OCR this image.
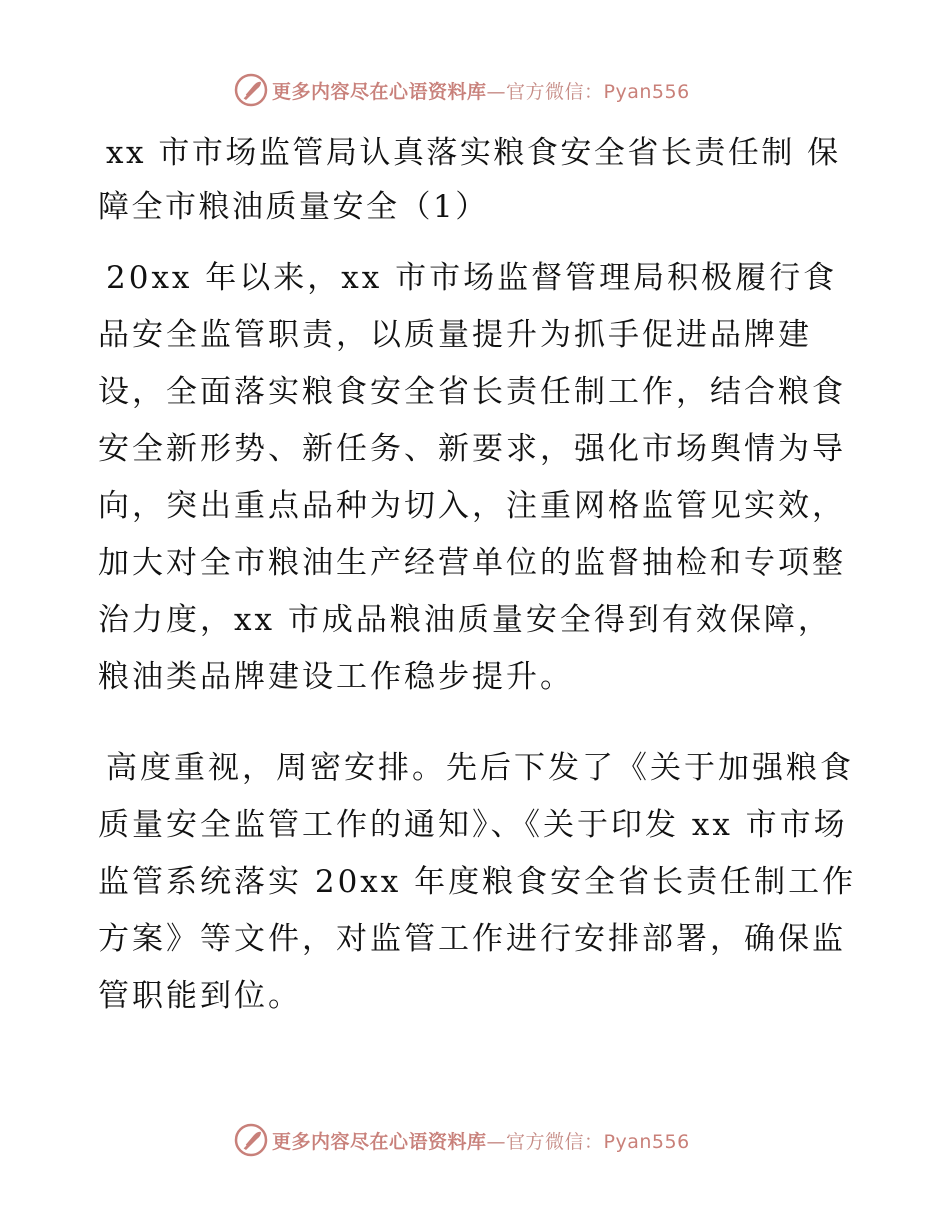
更多内容尽在心语资料库—官方微信：Pyan556

xx 市市场监管局认真落实粮食安全省长责任制 保障全市粮油质量安全（1）

20xx 年以来，xx 市市场监督管理局积极履行食品安全监管职责，以质量提升为抓手促进品牌建设，全面落实粮食安全省长责任制工作，结合粮食安全新形势、新任务、新要求，强化市场舆情为导向，突出重点品种为切入，注重网格监管见实效，加大对全市粮油生产经营单位的监督抽检和专项整治力度，xx 市成品粮油质量安全得到有效保障，粮油类品牌建设工作稳步提升。

高度重视，周密安排。先后下发了《关于加强粮食质量安全监管工作的通知》、《关于印发 xx 市市场监管系统落实 20xx 年度粮食安全省长责任制工作方案》等文件，对监管工作进行安排部署，确保监管职能到位。

更多内容尽在心语资料库—官方微信：Pyan556
